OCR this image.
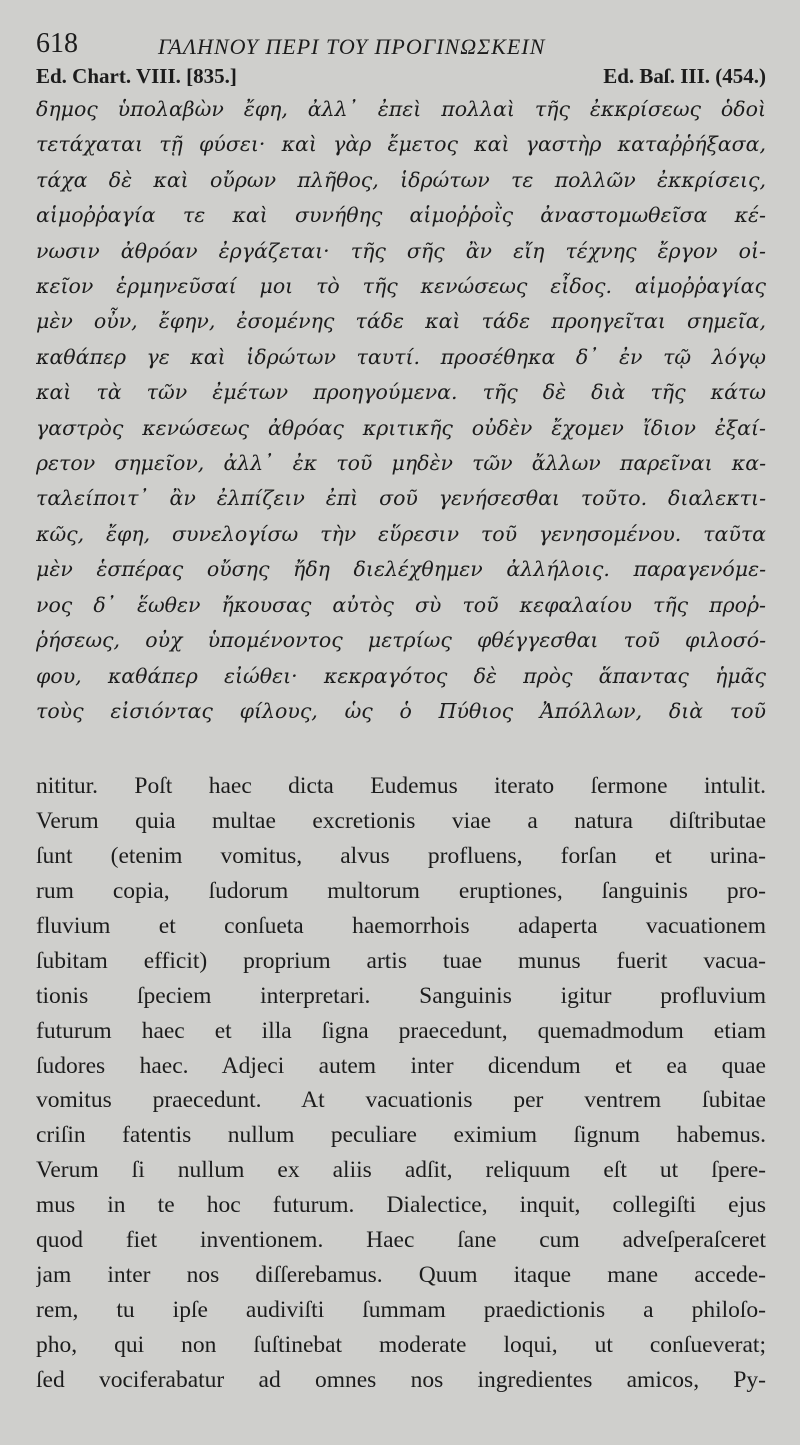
618	ΓΑΛΗΝΟΥ ΠΕΡΙ ΤΟΥ ΠΡΟΓΙΝΩΣΚΕΙΝ
Ed. Chart. VIII. [835.]	Ed. Baſ. III. (454.)
δημος ὑπολαβὼν ἔφη, ἀλλ᾽ ἐπεὶ πολλαὶ τῆς ἐκκρίσεως ὁδοὶ
τετάχαται τῇ φύσει· καὶ γὰρ ἔμετος καὶ γαστὴρ καταῤῥήξασα,
τάχα δὲ καὶ οὔρων πλῆθος, ἱδρώτων τε πολλῶν ἐκκρίσεις,
αἱμοῤῥαγία τε καὶ συνήθης αἱμοῤῥοῒς ἀναστομωθεῖσα κέ-
νωσιν ἀθρόαν ἐργάζεται· τῆς σῆς ἂν εἴη τέχνης ἔργον οἰ-
κεῖον ἑρμηνεῦσαί μοι τὸ τῆς κενώσεως εἶδος. αἱμοῤῥαγίας
μὲν οὖν, ἔφην, ἐσομένης τάδε καὶ τάδε προηγεῖται σημεῖα,
καθάπερ γε καὶ ἱδρώτων ταυτί. προσέθηκα δ᾽ ἐν τῷ λόγῳ
καὶ τὰ τῶν ἐμέτων προηγούμενα. τῆς δὲ διὰ τῆς κάτω
γαστρὸς κενώσεως ἀθρόας κριτικῆς οὐδὲν ἔχομεν ἴδιον ἐξαί-
ρετον σημεῖον, ἀλλ᾽ ἐκ τοῦ μηδὲν τῶν ἄλλων παρεῖναι κα-
ταλείποιτ᾽ ἂν ἐλπίζειν ἐπὶ σοῦ γενήσεσθαι τοῦτο. διαλεκτι-
κῶς, ἔφη, συνελογίσω τὴν εὕρεσιν τοῦ γενησομένου. ταῦτα
μὲν ἑσπέρας οὔσης ἤδη διελέχθημεν ἀλλήλοις. παραγενόμε-
νος δ᾽ ἕωθεν ἤκουσας αὐτὸς σὺ τοῦ κεφαλαίου τῆς προῤ-
ῥήσεως, οὐχ ὑπομένοντος μετρίως φθέγγεσθαι τοῦ φιλοσό-
φου, καθάπερ εἰώθει· κεκραγότος δὲ πρὸς ἅπαντας ἡμᾶς
τοὺς εἰσιόντας φίλους, ὡς ὁ Πύθιος Ἀπόλλων, διὰ τοῦ
nititur. Poſt haec dicta Eudemus iterato ſermone intulit.
Verum quia multae excretionis viae a natura diſtributae
ſunt (etenim vomitus, alvus profluens, forſan et urina-
rum copia, ſudorum multorum eruptiones, ſanguinis pro-
fluvium et conſueta haemorrhois adaperta vacuationem
ſubitam efficit) proprium artis tuae munus fuerit vacua-
tionis ſpeciem interpretari. Sanguinis igitur profluvium
futurum haec et illa ſigna praecedunt, quemadmodum etiam
ſudores haec. Adjeci autem inter dicendum et ea quae
vomitus praecedunt. At vacuationis per ventrem ſubitae
criſin fatentis nullum peculiare eximium ſignum habemus.
Verum ſi nullum ex aliis adſit, reliquum eſt ut ſpere-
mus in te hoc futurum. Dialectice, inquit, collegiſti ejus
quod fiet inventionem. Haec ſane cum adveſperaſceret
jam inter nos diſſerebamus. Quum itaque mane accede-
rem, tu ipſe audiviſti ſummam praedictionis a philoſo-
pho, qui non ſuſtinebat moderate loqui, ut conſueverat;
ſed vociferabatur ad omnes nos ingredientes amicos, Py-
